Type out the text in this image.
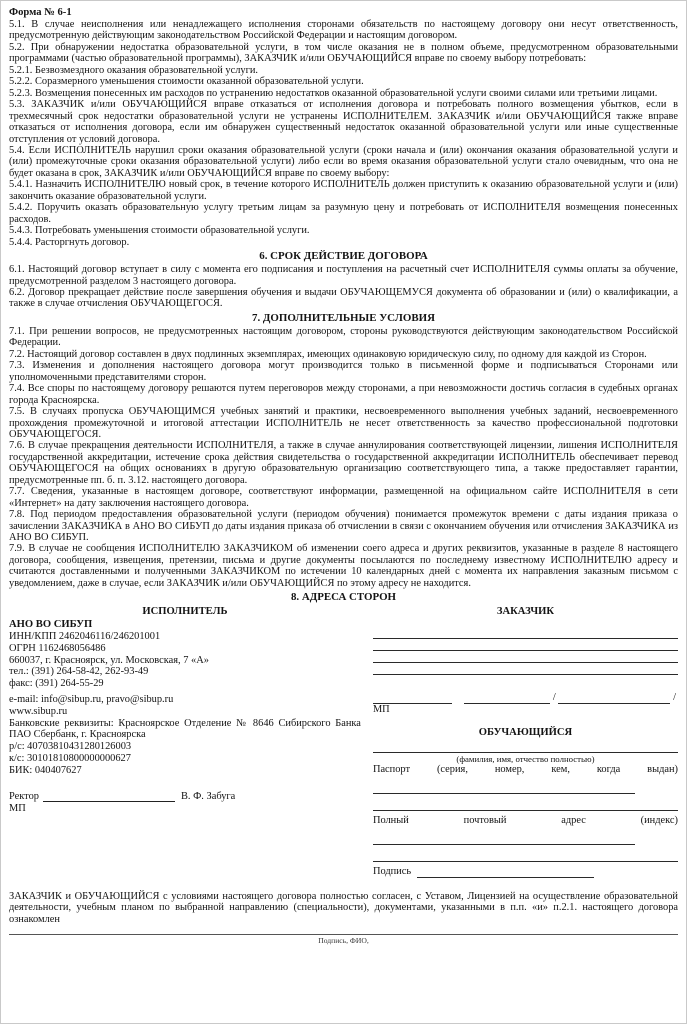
Форма № 6-1
5.1. В случае неисполнения или ненадлежащего исполнения сторонами обязательств по настоящему договору они несут ответственность, предусмотренную действующим законодательством Российской Федерации и настоящим договором.
5.2. При обнаружении недостатка образовательной услуги, в том числе оказания не в полном объеме, предусмотренном образовательными программами (частью образовательной программы), ЗАКАЗЧИК и/или ОБУЧАЮЩИЙСЯ вправе по своему выбору потребовать:
5.2.1. Безвозмездного оказания образовательной услуги.
5.2.2. Соразмерного уменьшения стоимости оказанной образовательной услуги.
5.2.3. Возмещения понесенных им расходов по устранению недостатков оказанной образовательной услуги своими силами или третьими лицами.
5.3. ЗАКАЗЧИК и/или ОБУЧАЮЩИЙСЯ вправе отказаться от исполнения договора и потребовать полного возмещения убытков, если в трехмесячный срок недостатки образовательной услуги не устранены ИСПОЛНИТЕЛЕМ. ЗАКАЗЧИК и/или ОБУЧАЮЩИЙСЯ также вправе отказаться от исполнения договора, если им обнаружен существенный недостаток оказанной образовательной услуги или иные существенные отступления от условий договора.
5.4. Если ИСПОЛНИТЕЛЬ нарушил сроки оказания образовательной услуги (сроки начала и (или) окончания оказания образовательной услуги и (или) промежуточные сроки оказания образовательной услуги) либо если во время оказания образовательной услуги стало очевидным, что она не будет оказана в срок, ЗАКАЗЧИК и/или ОБУЧАЮЩИЙСЯ вправе по своему выбору:
5.4.1. Назначить ИСПОЛНИТЕЛЮ новый срок, в течение которого ИСПОЛНИТЕЛЬ должен приступить к оказанию образовательной услуги и (или) закончить оказание образовательной услуги.
5.4.2. Поручить оказать образовательную услугу третьим лицам за разумную цену и потребовать от ИСПОЛНИТЕЛЯ возмещения понесенных расходов.
5.4.3. Потребовать уменьшения стоимости образовательной услуги.
5.4.4. Расторгнуть договор.
6. СРОК ДЕЙСТВИЕ ДОГОВОРА
6.1. Настоящий договор вступает в силу с момента его подписания и поступления на расчетный счет ИСПОЛНИТЕЛЯ суммы оплаты за обучение, предусмотренной разделом 3 настоящего договора.
6.2. Договор прекращает действие после завершения обучения и выдачи ОБУЧАЮЩЕМУСЯ документа об образовании и (или) о квалификации, а также в случае отчисления ОБУЧАЮЩЕГОСЯ.
7. ДОПОЛНИТЕЛЬНЫЕ УСЛОВИЯ
7.1. При решении вопросов, не предусмотренных настоящим договором, стороны руководствуются действующим законодательством Российской Федерации.
7.2. Настоящий договор составлен в двух подлинных экземплярах, имеющих одинаковую юридическую силу, по одному для каждой из Сторон.
7.3. Изменения и дополнения настоящего договора могут производится только в письменной форме и подписываться Сторонами или уполномоченными представителями сторон.
7.4. Все споры по настоящему договору решаются путем переговоров между сторонами, а при невозможности достичь согласия в судебных органах города Красноярска.
7.5. В случаях пропуска ОБУЧАЮЩИМСЯ учебных занятий и практики, несвоевременного выполнения учебных заданий, несвоевременного прохождения промежуточной и итоговой аттестации ИСПОЛНИТЕЛЬ не несет ответственность за качество профессиональной подготовки ОБУЧАЮЩЕГОСЯ.
7.6. В случае прекращения деятельности ИСПОЛНИТЕЛЯ, а также в случае аннулирования соответствующей лицензии, лишения ИСПОЛНИТЕЛЯ государственной аккредитации, истечение срока действия свидетельства о государственной аккредитации ИСПОЛНИТЕЛЬ обеспечивает перевод ОБУЧАЮЩЕГОСЯ на общих основаниях в другую образовательную организацию соответствующего типа, а также предоставляет гарантии, предусмотренные пп. б. п. 3.12. настоящего договора.
7.7. Сведения, указанные в настоящем договоре, соответствуют информации, размещенной на официальном сайте ИСПОЛНИТЕЛЯ в сети «Интернет» на дату заключения настоящего договора.
7.8. Под периодом предоставления образовательной услуги (периодом обучения) понимается промежуток времени с даты издания приказа о зачислении ЗАКАЗЧИКА в АНО ВО СИБУП до даты издания приказа об отчислении в связи с окончанием обучения или отчисления ЗАКАЗЧИКА из АНО ВО СИБУП.
7.9. В случае не сообщения ИСПОЛНИТЕЛЮ ЗАКАЗЧИКОМ об изменении соего адреса и других реквизитов, указанные в разделе 8 настоящего договора, сообщения, извещения, претензии, письма и другие документы посылаются по последнему известному ИСПОЛНИТЕЛЮ адресу и считаются доставленными и полученными ЗАКАЗЧИКОМ по истечении 10 календарных дней с момента их направления заказным письмом с уведомлением, даже в случае, если ЗАКАЗЧИК и/или ОБУЧАЮЩИЙСЯ по этому адресу не находится.
8. АДРЕСА СТОРОН
ИСПОЛНИТЕЛЬ
АНО ВО СИБУП
ИНН/КПП 2462046116/246201001
ОГРН 1162468056486
660037, г. Красноярск, ул. Московская, 7 «А»
тел.: (391) 264-58-42, 262-93-49
факс: (391) 264-55-29
e-mail: info@sibup.ru, pravo@sibup.ru
www.sibup.ru
Банковские реквизиты: Красноярское Отделение № 8646 Сибирского Банка ПАО Сбербанк, г. Красноярска
р/с: 40703810431280126003
к/с: 30101810800000000627
БИК: 040407627
Ректор	В. Ф. Забуга
МП
ЗАКАЗЧИК
/	/
МП
ОБУЧАЮЩИЙСЯ
(фамилия, имя, отчество полностью)
Паспорт (серия, номер, кем, когда выдан)
Полный почтовый адрес (индекс)
Подпись
ЗАКАЗЧИК и ОБУЧАЮЩИЙСЯ с условиями настоящего договора полностью согласен, с Уставом, Лицензией на осуществление образовательной деятельности, учебным планом по выбранной направлению (специальности), документами, указанными в п.п. «и» п.2.1. настоящего договора ознакомлен
Подпись, ФИО,
